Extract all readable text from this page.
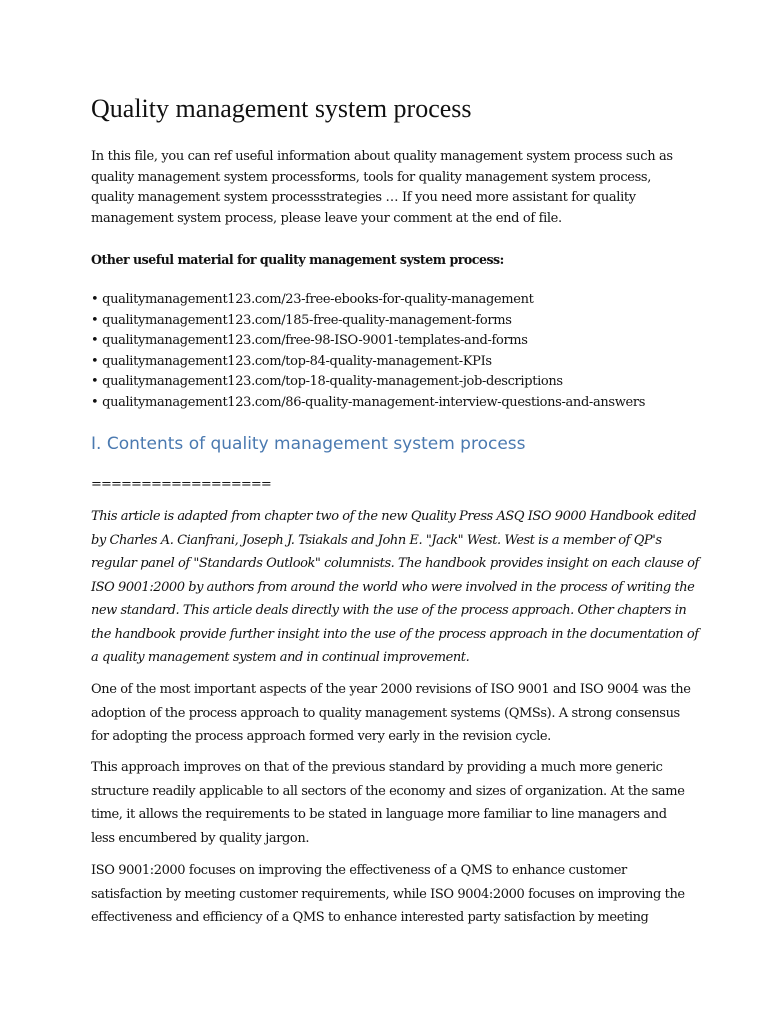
Quality management system process

In this file, you can ref useful information about quality management system process such as quality management system processforms, tools for quality management system process, quality management system processstrategies … If you need more assistant for quality management system process, please leave your comment at the end of file.

Other useful material for quality management system process:

• qualitymanagement123.com/23-free-ebooks-for-quality-management
• qualitymanagement123.com/185-free-quality-management-forms
• qualitymanagement123.com/free-98-ISO-9001-templates-and-forms
• qualitymanagement123.com/top-84-quality-management-KPIs
• qualitymanagement123.com/top-18-quality-management-job-descriptions
• qualitymanagement123.com/86-quality-management-interview-questions-and-answers
I. Contents of quality management system process

==================

This article is adapted from chapter two of the new Quality Press ASQ ISO 9000 Handbook edited by Charles A. Cianfrani, Joseph J. Tsiakals and John E. "Jack" West. West is a member of QP's regular panel of "Standards Outlook" columnists. The handbook provides insight on each clause of ISO 9001:2000 by authors from around the world who were involved in the process of writing the new standard. This article deals directly with the use of the process approach. Other chapters in the handbook provide further insight into the use of the process approach in the documentation of a quality management system and in continual improvement.

One of the most important aspects of the year 2000 revisions of ISO 9001 and ISO 9004 was the adoption of the process approach to quality management systems (QMSs). A strong consensus for adopting the process approach formed very early in the revision cycle.

This approach improves on that of the previous standard by providing a much more generic structure readily applicable to all sectors of the economy and sizes of organization. At the same time, it allows the requirements to be stated in language more familiar to line managers and less encumbered by quality jargon.

ISO 9001:2000 focuses on improving the effectiveness of a QMS to enhance customer satisfaction by meeting customer requirements, while ISO 9004:2000 focuses on improving the effectiveness and efficiency of a QMS to enhance interested party satisfaction by meeting
